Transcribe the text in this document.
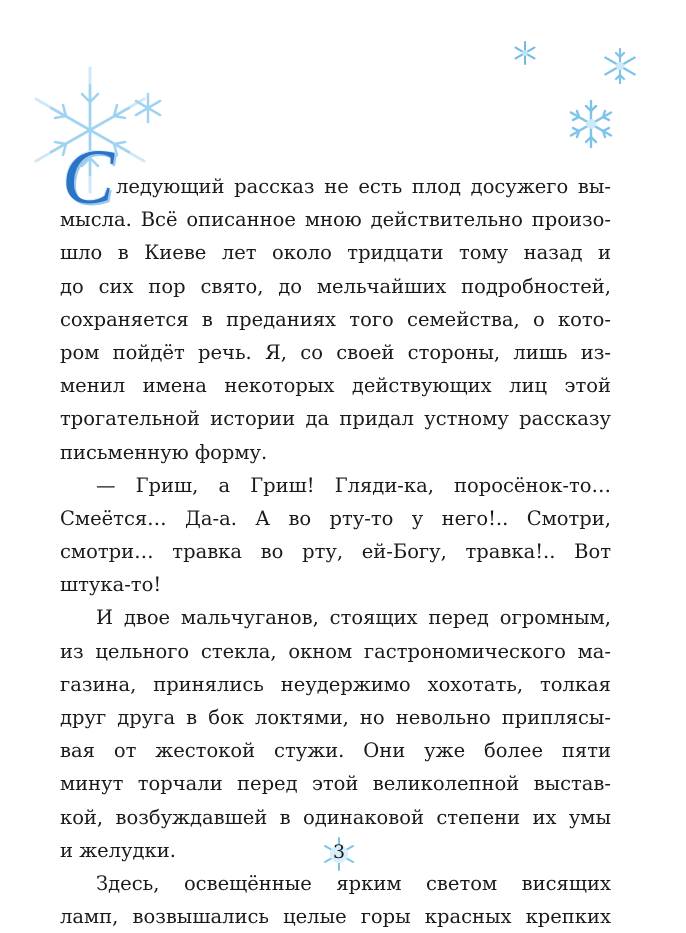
С ледующий рассказ не есть плод досужего вы-
мысла. Всё описанное мною действительно произо-
шло в Киеве лет около тридцати тому назад и
до сих пор свято, до мельчайших подробностей,
сохраняется в преданиях того семейства, о кото-
ром пойдёт речь. Я, со своей стороны, лишь из-
менил имена некоторых действующих лиц этой
трогательной истории да придал устному рассказу
письменную форму.
— Гриш, а Гриш! Гляди-ка, поросёнок-то…
Смеётся… Да-а. А во рту-то у него!.. Смотри,
смотри… травка во рту, ей-Богу, травка!.. Вот
штука-то!
И двое мальчуганов, стоящих перед огромным,
из цельного стекла, окном гастрономического ма-
газина, принялись неудержимо хохотать, толкая
друг друга в бок локтями, но невольно приплясы-
вая от жестокой стужи. Они уже более пяти
минут торчали перед этой великолепной выстав-
кой, возбуждавшей в одинаковой степени их умы
и желудки.
Здесь, освещённые ярким светом висящих
ламп, возвышались целые горы красных крепких
3
